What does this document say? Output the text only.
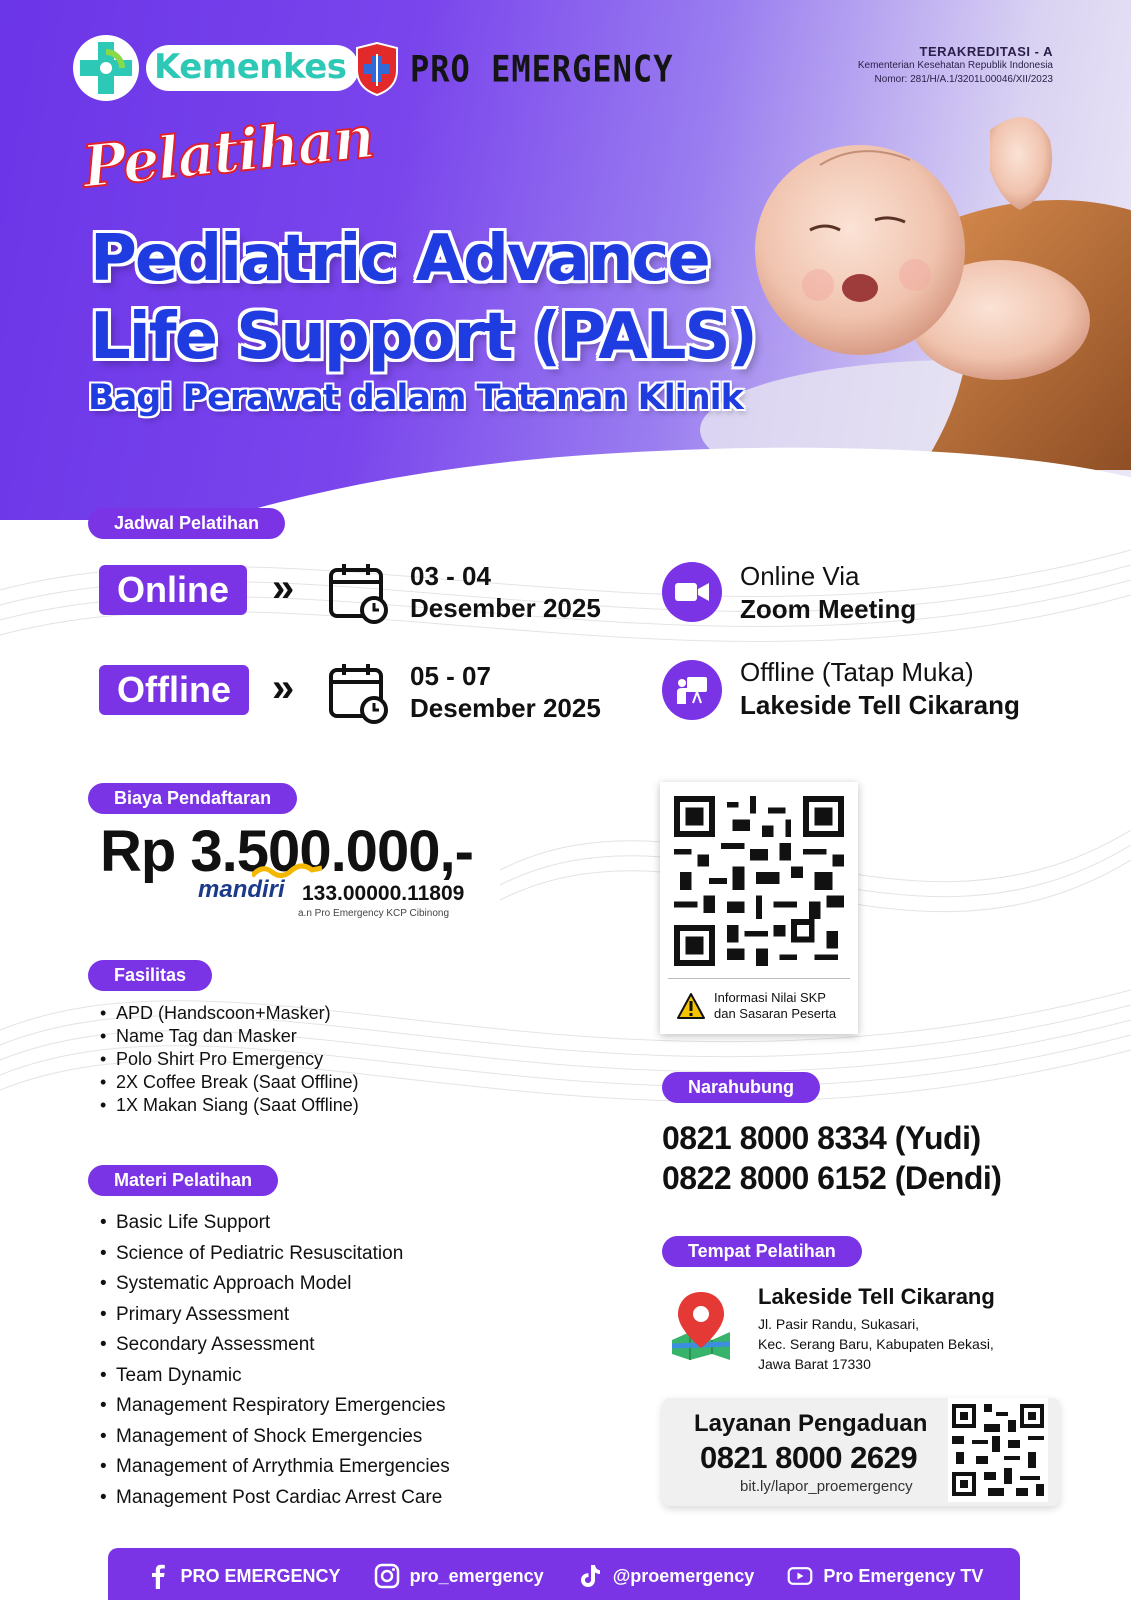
Kemenkes	PRO EMERGENCY	TERAKREDITASI - A
Kementerian Kesehatan Republik Indonesia
Nomor: 281/H/A.1/3201L00046/XII/2023
Pelatihan
Pediatric Advance
Life Support (PALS)
Bagi Perawat dalam Tatanan Klinik
Jadwal Pelatihan
Online	»	03 - 04
Desember 2025
Online Via
Zoom Meeting
Offline	»	05 - 07
Desember 2025
Offline (Tatap Muka)
Lakeside Tell Cikarang
Biaya Pendaftaran
Rp 3.500.000,-
mandiri 133.00000.11809
a.n Pro Emergency KCP Cibinong
Informasi Nilai SKP
dan Sasaran Peserta
Fasilitas
• APD (Handscoon+Masker)
• Name Tag dan Masker
• Polo Shirt Pro Emergency
• 2X Coffee Break (Saat Offline)
• 1X Makan Siang (Saat Offline)
Materi Pelatihan
• Basic Life Support
• Science of Pediatric Resuscitation
• Systematic Approach Model
• Primary Assessment
• Secondary Assessment
• Team Dynamic
• Management Respiratory Emergencies
• Management of Shock Emergencies
• Management of Arrythmia Emergencies
• Management Post Cardiac Arrest Care
Narahubung
0821 8000 8334 (Yudi)
0822 8000 6152 (Dendi)
Tempat Pelatihan
Lakeside Tell Cikarang
Jl. Pasir Randu, Sukasari,
Kec. Serang Baru, Kabupaten Bekasi,
Jawa Barat 17330
Layanan Pengaduan
0821 8000 2629
bit.ly/lapor_proemergency
PRO EMERGENCY	pro_emergency	@proemergency	Pro Emergency TV
